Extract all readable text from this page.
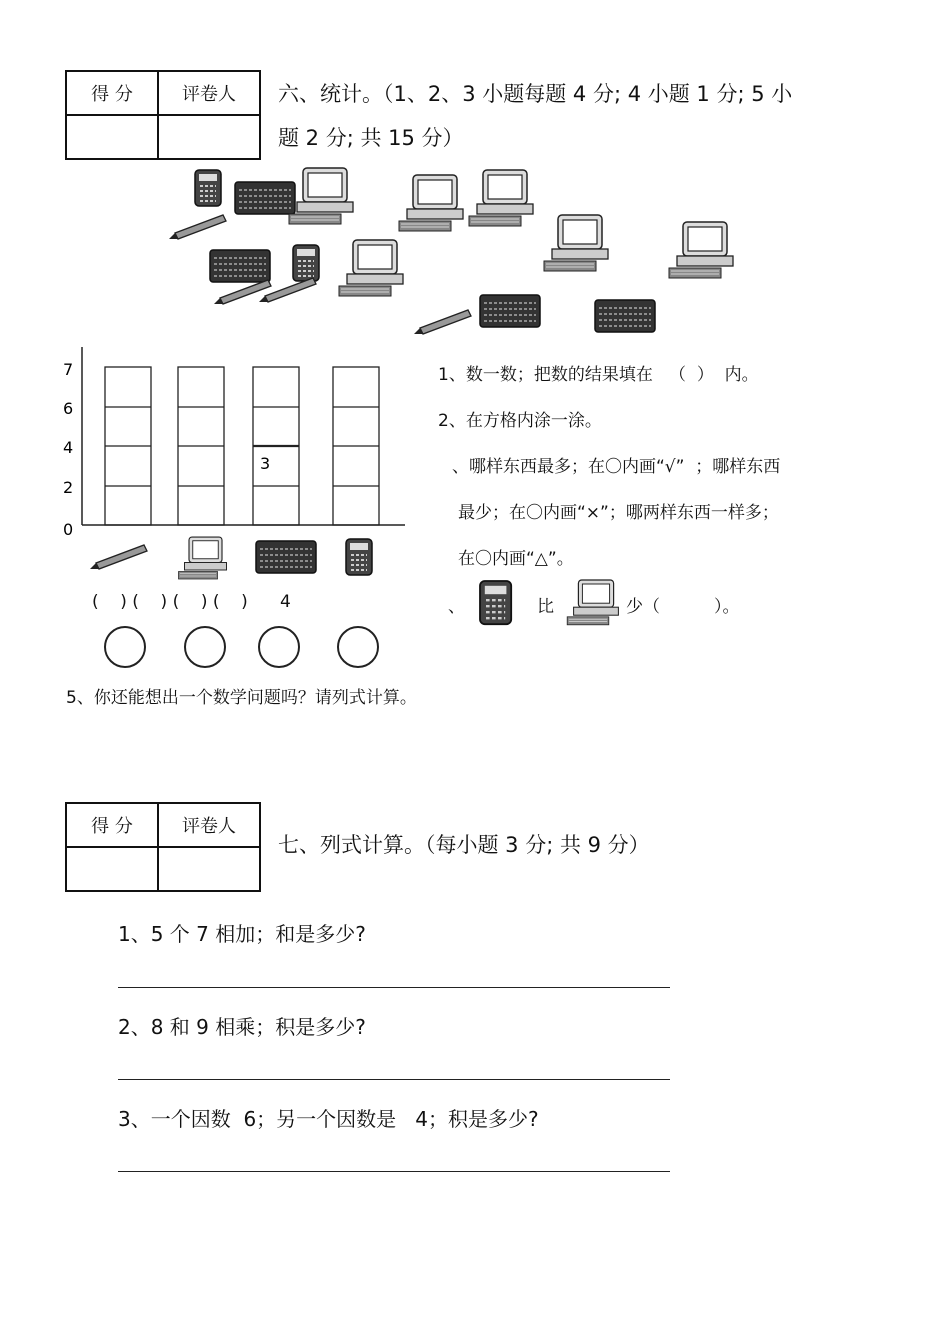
得 分	评卷人
	六、统计。（1、2、3 小题每题 4 分; 4 小题 1 分; 5 小
题 2 分; 共 15 分）
7
6
4
2
0
3
(    ) (    ) (    ) (    ) 4
1、数一数；把数的结果填在   （  ）  内。
2、在方格内涂一涂。
、哪样东西最多；在〇内画“√”  ；哪样东西
最少；在〇内画“×”；哪两样东西一样多；
在〇内画“△”。
、	比	少（          ）。
5、你还能想出一个数学问题吗？请列式计算。
得 分	评卷人

七、列式计算。（每小题 3 分; 共 9 分）
1、5 个 7 相加；和是多少?
2、8 和 9 相乘；积是多少?
3、一个因数  6；另一个因数是   4；积是多少?
